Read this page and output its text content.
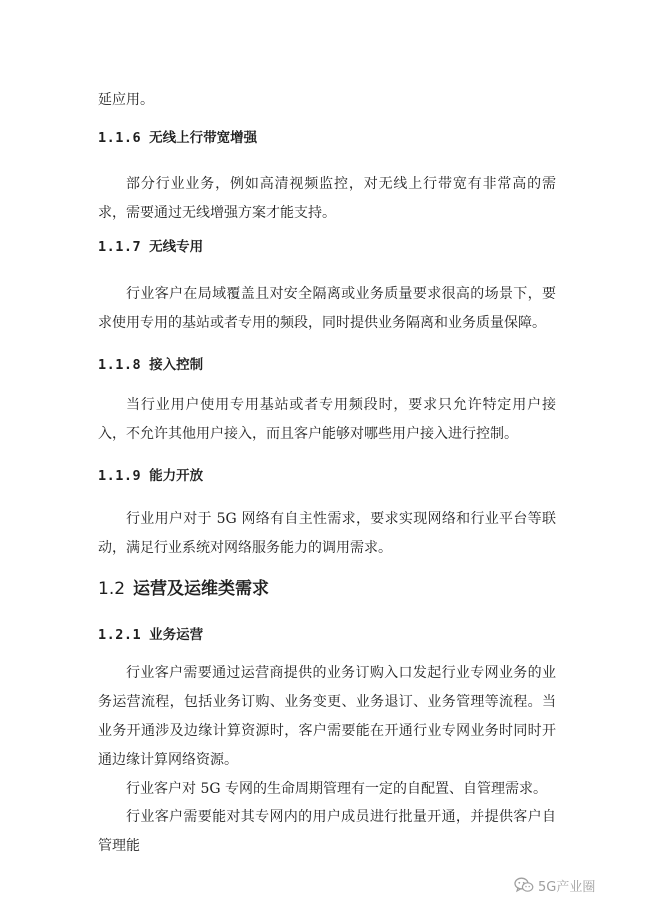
延应用。

1.1.6 无线上行带宽增强

部分行业业务，例如高清视频监控，对无线上行带宽有非常高的需求，需要通过无线增强方案才能支持。

1.1.7 无线专用

行业客户在局域覆盖且对安全隔离或业务质量要求很高的场景下，要求使用专用的基站或者专用的频段，同时提供业务隔离和业务质量保障。

1.1.8 接入控制

当行业用户使用专用基站或者专用频段时，要求只允许特定用户接入，不允许其他用户接入，而且客户能够对哪些用户接入进行控制。

1.1.9 能力开放

行业用户对于 5G 网络有自主性需求，要求实现网络和行业平台等联动，满足行业系统对网络服务能力的调用需求。

1.2 运营及运维类需求
1.2.1 业务运营

行业客户需要通过运营商提供的业务订购入口发起行业专网业务的业务运营流程，包括业务订购、业务变更、业务退订、业务管理等流程。当业务开通涉及边缘计算资源时，客户需要能在开通行业专网业务时同时开通边缘计算网络资源。

行业客户对 5G 专网的生命周期管理有一定的自配置、自管理需求。

行业客户需要能对其专网内的用户成员进行批量开通，并提供客户自管理能

5G产业圈
